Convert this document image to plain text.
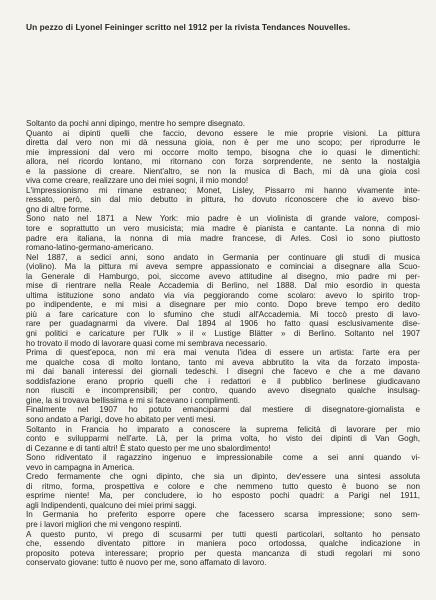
Un pezzo di Lyonel Feininger scritto nel 1912 per la rivista Tendances Nouvelles.

Soltanto da pochi anni dipingo, mentre ho sempre disegnato.
Quanto ai dipinti quelli che faccio, devono essere le mie proprie visioni. La pittura
diretta dal vero non mi dà nessuna gioia, non è per me uno scopo; per riprodurre le
mie impressioni dal vero mi occorre molto tempo, bisogna che io quasi le dimentichi:
allora, nel ricordo lontano, mi ritornano con forza sorprendente, ne sento la nostalgia
e la passione di creare. Nient'altro, se non la musica di Bach, mi dà una gioia così
viva come creare, realizzare uno dei miei sogni, il mio mondo!
L'impressionismo mi rimane estraneo; Monet, Lisley, Pissarro mi hanno vivamente inte-
ressato, però, sin dal mio debutto in pittura, ho dovuto riconoscere che io avevo biso-
gno di altre forme.
Sono nato nel 1871 a New York: mio padre è un violinista di grande valore, composi-
tore e soprattutto un vero musicista; mia madre è pianista e cantante. La nonna di mio
padre era italiana, la nonna di mia madre francese, di Arles. Così io sono piuttosto
romano-latino-germano-americano.
Nel 1887, a sedici anni, sono andato in Germania per continuare gli studi di musica
(violino). Ma la pittura mi aveva sempre appassionato e cominciai a disegnare alla Scuo-
la Generale di Hamburgo, poi, siccome avevo attitudine al disegno, mio padre mi per-
mise di rientrare nella Reale Accademia di Berlino, nel 1888. Dal mio esordio in questa
ultima istituzione sono andato via via peggiorando come scolaro: avevo lo spirito trop-
po indipendente, e mi misi a disegnare per mio conto. Dopo breve tempo ero dedito
più a fare caricature con lo sfumino che studi all'Accademia. Mi toccò presto di lavo-
rare per guadagnarmi da vivere. Dal 1894 al 1906 ho fatto quasi esclusivamente dise-
gni politici e caricature per l'Ulk » il « Lustige Blätter » di Berlino. Soltanto nel 1907
ho trovato il modo di lavorare quasi come mi sembrava necessario.
Prima di quest'epoca, non mi era mai venuta l'idea di essere un artista: l'arte era per
me qualche cosa di molto lontano, tanto mi aveva abbrutito la vita da forzato imposta-
mi dai banali interessi dei giornali tedeschi. I disegni che facevo e che a me davano
soddisfazione erano proprio quelli che i redattori e il pubblico berlinese giudicavano
non riusciti e incomprensibili; per contro, quando avevo disegnato qualche insulsag-
gine, la si trovava bellissima e mi si facevano i complimenti.
Finalmente nel 1907 ho potuto emanciparmi dal mestiere di disegnatore-giornalista e
sono andato a Parigi, dove ho abitato per venti mesi.
Soltanto in Francia ho imparato a conoscere la suprema felicità di lavorare per mio
conto e svilupparmi nell'arte. Là, per la prima volta, ho visto dei dipinti di Van Gogh,
di Cezanne e di tanti altri! È stato questo per me uno sbalordimento!
Sono ridiventato il ragazzino ingenuo e impressionabile come a sei anni quando vi-
vevo in campagna in America.
Credo fermamente che ogni dipinto, che sia un dipinto, dev'essere una sintesi assoluta
di ritmo, forma, prospettiva e colore e che nemmeno tutto questo è buono se non
esprime niente! Ma, per concludere, io ho esposto pochi quadri: a Parigi nel 1911,
agli Indipendenti, qualcuno dei miei primi saggi.
In Germania ho preferito esporre opere che facessero scarsa impressione; sono sem-
pre i lavori migliori che mi vengono respinti.
A questo punto, vi prego di scusarmi per tutti questi particolari, soltanto ho pensato
che, essendo diventato pittore in maniera poco ortodossa, qualche indicazione in
proposito poteva interessare; proprio per questa mancanza di studi regolari mi sono
conservato giovane: tutto è nuovo per me, sono affamato di lavoro.
